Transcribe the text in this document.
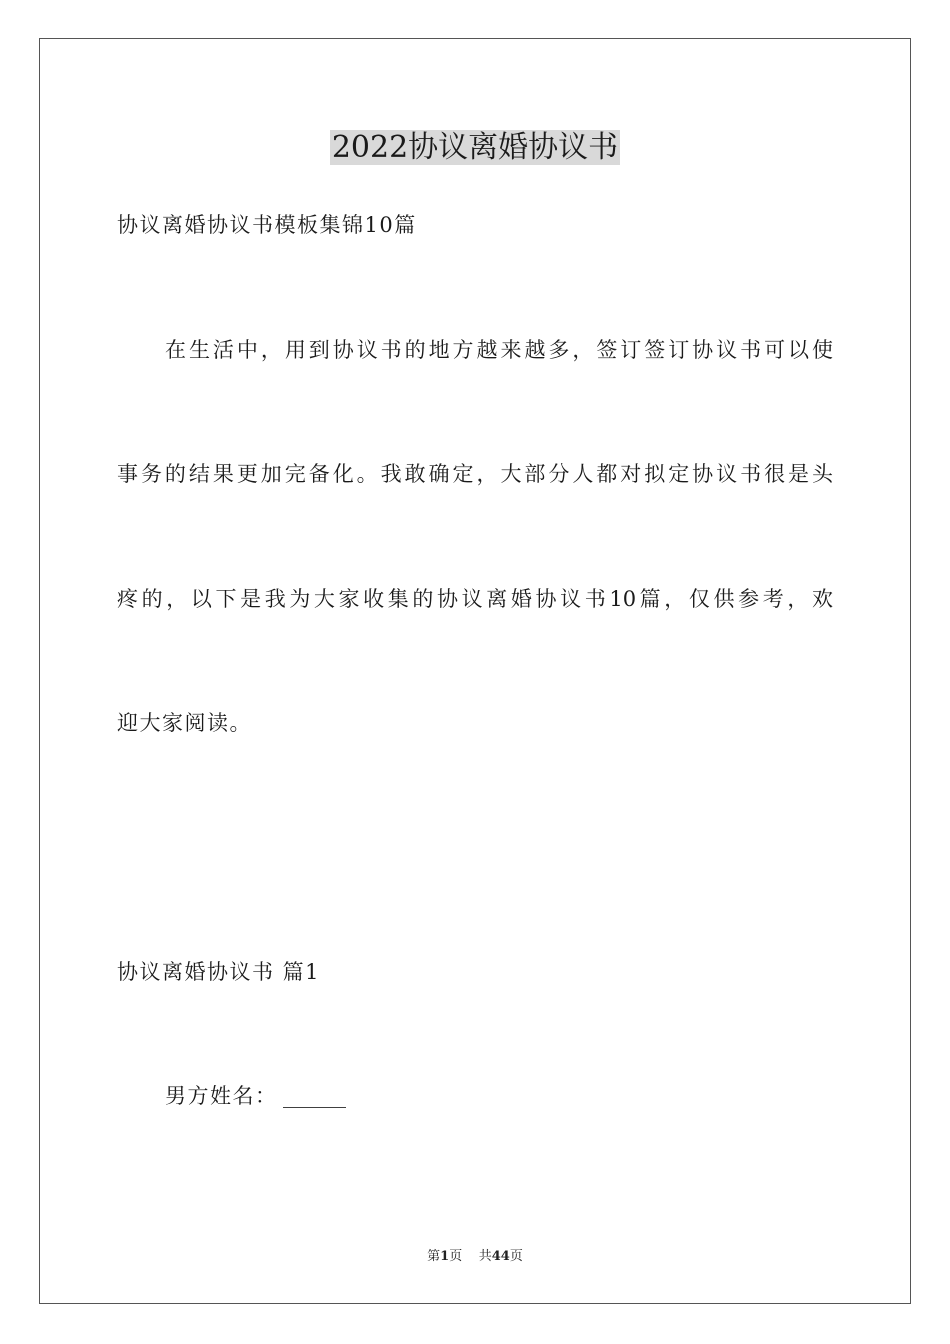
2022协议离婚协议书
协议离婚协议书模板集锦10篇
在生活中，用到协议书的地方越来越多，签订签订协议书可以使
事务的结果更加完备化。我敢确定，大部分人都对拟定协议书很是头
疼的，以下是我为大家收集的协议离婚协议书10篇，仅供参考，欢
迎大家阅读。
协议离婚协议书 篇1
男方姓名： ______
第1页 共44页
